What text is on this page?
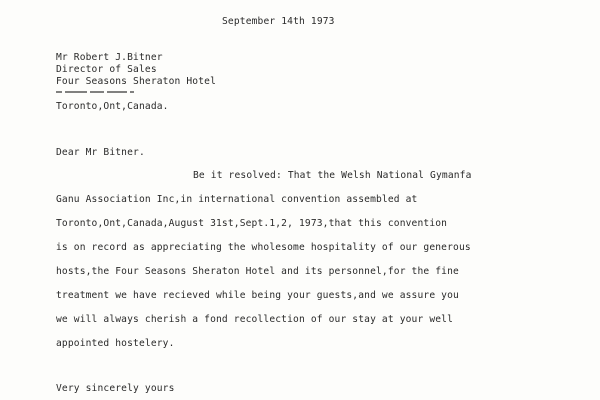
September 14th 1973
Mr Robert J.Bitner
Director of Sales
Four Seasons Sheraton Hotel
Toronto,Ont,Canada.
Dear Mr Bitner.
Be it resolved: That the Welsh National Gymanfa
Ganu Association Inc,in international convention assembled at
Toronto,Ont,Canada,August 31st,Sept.1,2, 1973,that this convention
is on record as appreciating the wholesome hospitality of our generous
hosts,the Four Seasons Sheraton Hotel and its personnel,for the fine
treatment we have recieved while being your guests,and we assure you
we will always cherish a fond recollection of our stay at your well
appointed hostelery.
Very sincerely yours
